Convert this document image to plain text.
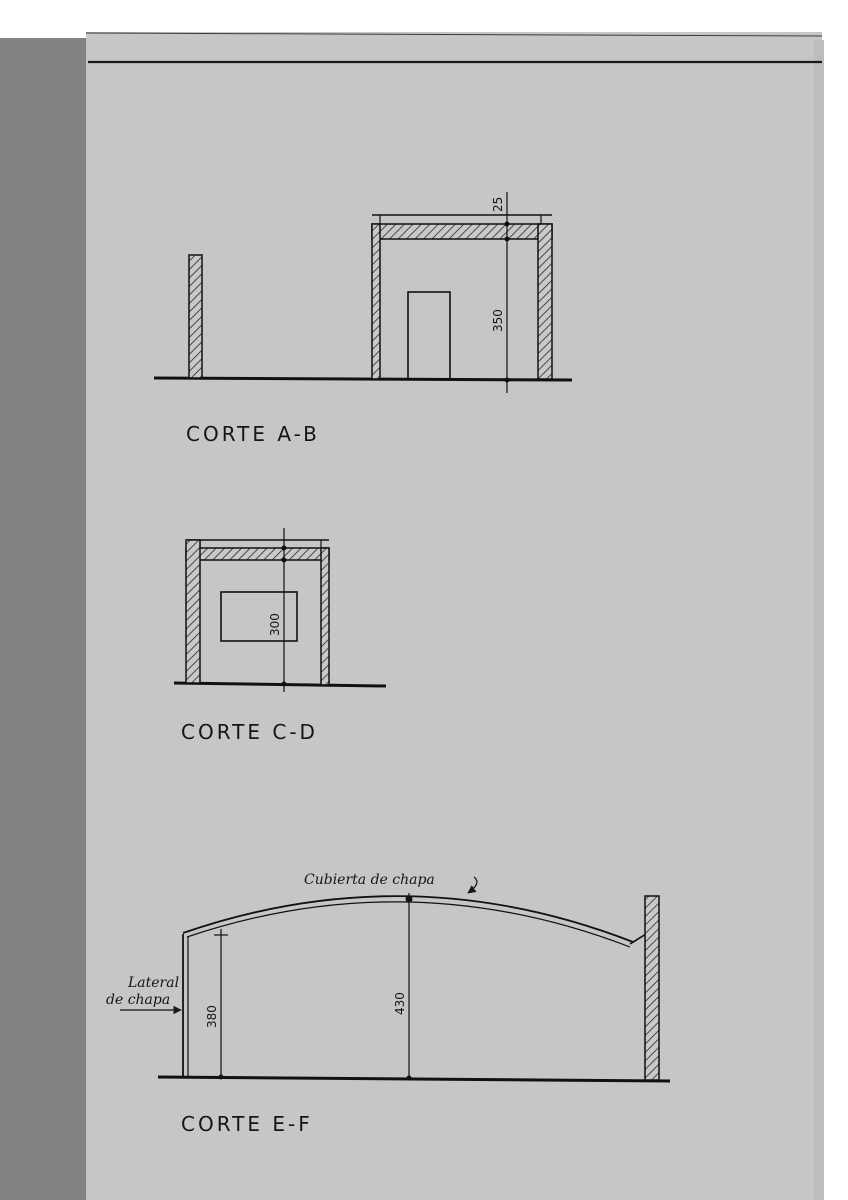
25
350
CORTE A-B
300
CORTE C-D
380
430
Cubierta de chapa
Lateral
de chapa
CORTE E-F
